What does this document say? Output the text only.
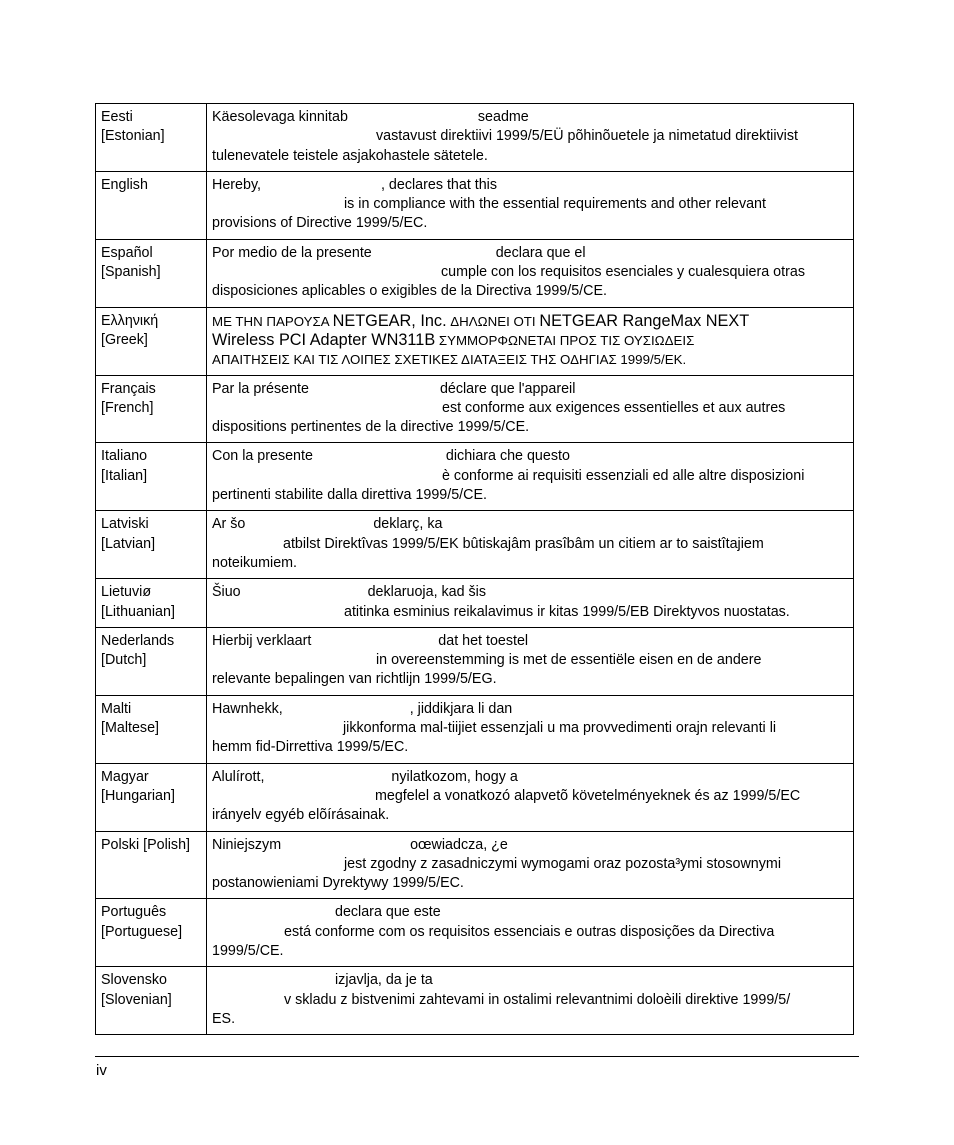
Eesti
[Estonian]	Käesolevaga kinnitab seadme
vastavust direktiivi 1999/5/EÜ põhinõuetele ja nimetatud direktiivist
tulenevatele teistele asjakohastele sätetele.

English	Hereby, , declares that this
is in compliance with the essential requirements and other relevant
provisions of Directive 1999/5/EC.

Español
[Spanish]	Por medio de la presente declara que el
cumple con los requisitos esenciales y cualesquiera otras
disposiciones aplicables o exigibles de la Directiva 1999/5/CE.

Ελληνική
[Greek]	ΜΕ ΤΗΝ ΠΑΡΟΥΣΑ NETGEAR, Inc. ΔΗΛΩΝΕΙ ΟΤΙ NETGEAR RangeMax NEXT
Wireless PCI Adapter WN311B ΣΥΜΜΟΡΦΩΝΕΤΑΙ ΠΡΟΣ ΤΙΣ ΟΥΣΙΩΔΕΙΣ
ΑΠΑΙΤΗΣΕΙΣ ΚΑΙ ΤΙΣ ΛΟΙΠΕΣ ΣΧΕΤΙΚΕΣ ΔΙΑΤΑΞΕΙΣ ΤΗΣ ΟΔΗΓΙΑΣ 1999/5/ΕΚ.

Français
[French]	Par la présente déclare que l'appareil
est conforme aux exigences essentielles et aux autres
dispositions pertinentes de la directive 1999/5/CE.

Italiano
[Italian]	Con la presente dichiara che questo
è conforme ai requisiti essenziali ed alle altre disposizioni
pertinenti stabilite dalla direttiva 1999/5/CE.

Latviski
[Latvian]	Ar šo deklarç, ka
atbilst Direktîvas 1999/5/EK bûtiskajâm prasîbâm un citiem ar to saistîtajiem
noteikumiem.

Lietuviø
[Lithuanian]	Šiuo deklaruoja, kad šis
atitinka esminius reikalavimus ir kitas 1999/5/EB Direktyvos nuostatas.

Nederlands
[Dutch]	Hierbij verklaart dat het toestel
in overeenstemming is met de essentiële eisen en de andere
relevante bepalingen van richtlijn 1999/5/EG.

Malti
[Maltese]	Hawnhekk, , jiddikjara li dan
jikkonforma mal-tiijiet essenzjali u ma provvedimenti orajn relevanti li
hemm fid-Dirrettiva 1999/5/EC.

Magyar
[Hungarian]	Alulírott, nyilatkozom, hogy a
megfelel a vonatkozó alapvetõ követelményeknek és az 1999/5/EC
irányelv egyéb elõírásainak.

Polski [Polish]	Niniejszym oœwiadcza, ¿e
jest zgodny z zasadniczymi wymogami oraz pozosta³ymi stosownymi
postanowieniami Dyrektywy 1999/5/EC.

Português
[Portuguese]	declara que este
está conforme com os requisitos essenciais e outras disposições da Directiva
1999/5/CE.

Slovensko
[Slovenian]	izjavlja, da je ta
v skladu z bistvenimi zahtevami in ostalimi relevantnimi doloèili direktive 1999/5/
ES.
iv
